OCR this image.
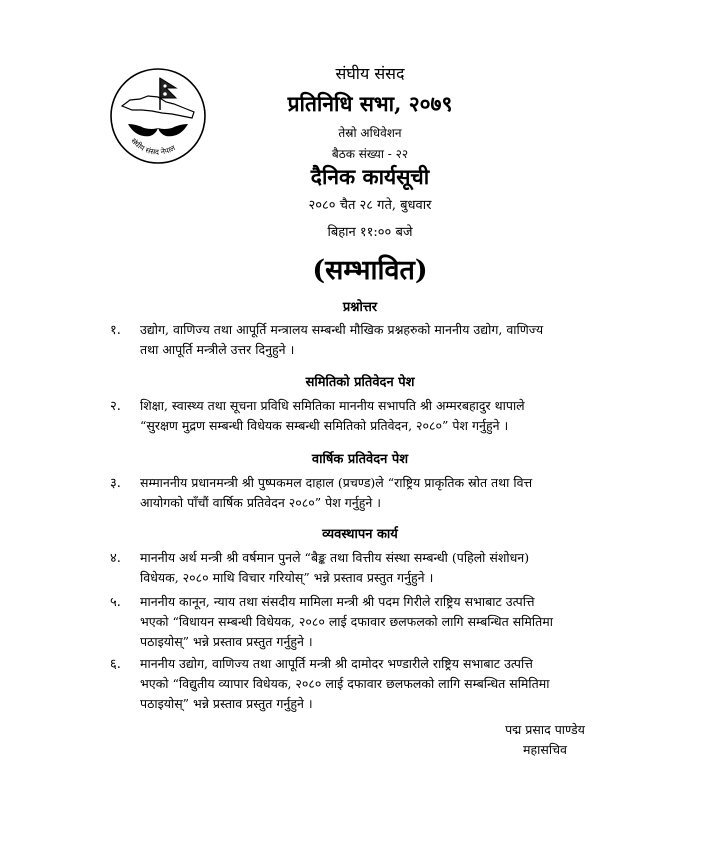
संघीय संसद नेपाल
संघीय संसद
प्रतिनिधि सभा, २०७९
तेस्रो अधिवेशन
बैठक संख्या - २२
दैनिक कार्यसूची
२०८० चैत २८ गते, बुधवार
बिहान ११:०० बजे
(सम्भावित)
प्रश्नोत्तर
१. उद्योग, वाणिज्य तथा आपूर्ति मन्त्रालय सम्बन्धी मौखिक प्रश्नहरुको माननीय उद्योग, वाणिज्य
तथा आपूर्ति मन्त्रीले उत्तर दिनुहुने ।
समितिको प्रतिवेदन पेश
२. शिक्षा, स्वास्थ्य तथा सूचना प्रविधि समितिका माननीय सभापति श्री अम्मरबहादुर थापाले
“सुरक्षण मुद्रण सम्बन्धी विधेयक सम्बन्धी समितिको प्रतिवेदन, २०८०” पेश गर्नुहुने ।
वार्षिक प्रतिवेदन पेश
३. सम्माननीय प्रधानमन्त्री श्री पुष्पकमल दाहाल (प्रचण्ड)ले “राष्ट्रिय प्राकृतिक स्रोत तथा वित्त
आयोगको पाँचौं वार्षिक प्रतिवेदन २०८०” पेश गर्नुहुने ।
व्यवस्थापन कार्य
४. माननीय अर्थ मन्त्री श्री वर्षमान पुनले “बैङ्क तथा वित्तीय संस्था सम्बन्धी (पहिलो संशोधन)
विधेयक, २०८० माथि विचार गरियोस्” भन्ने प्रस्ताव प्रस्तुत गर्नुहुने ।
५. माननीय कानून, न्याय तथा संसदीय मामिला मन्त्री श्री पदम गिरीले राष्ट्रिय सभाबाट उत्पत्ति
भएको “विधायन सम्बन्धी विधेयक, २०८० लाई दफावार छलफलको लागि सम्बन्धित समितिमा
पठाइयोस्” भन्ने प्रस्ताव प्रस्तुत गर्नुहुने ।
६. माननीय उद्योग, वाणिज्य तथा आपूर्ति मन्त्री श्री दामोदर भण्डारीले राष्ट्रिय सभाबाट उत्पत्ति
भएको “विद्युतीय व्यापार विधेयक, २०८० लाई दफावार छलफलको लागि सम्बन्धित समितिमा
पठाइयोस्” भन्ने प्रस्ताव प्रस्तुत गर्नुहुने ।
पद्म प्रसाद पाण्डेय
महासचिव
